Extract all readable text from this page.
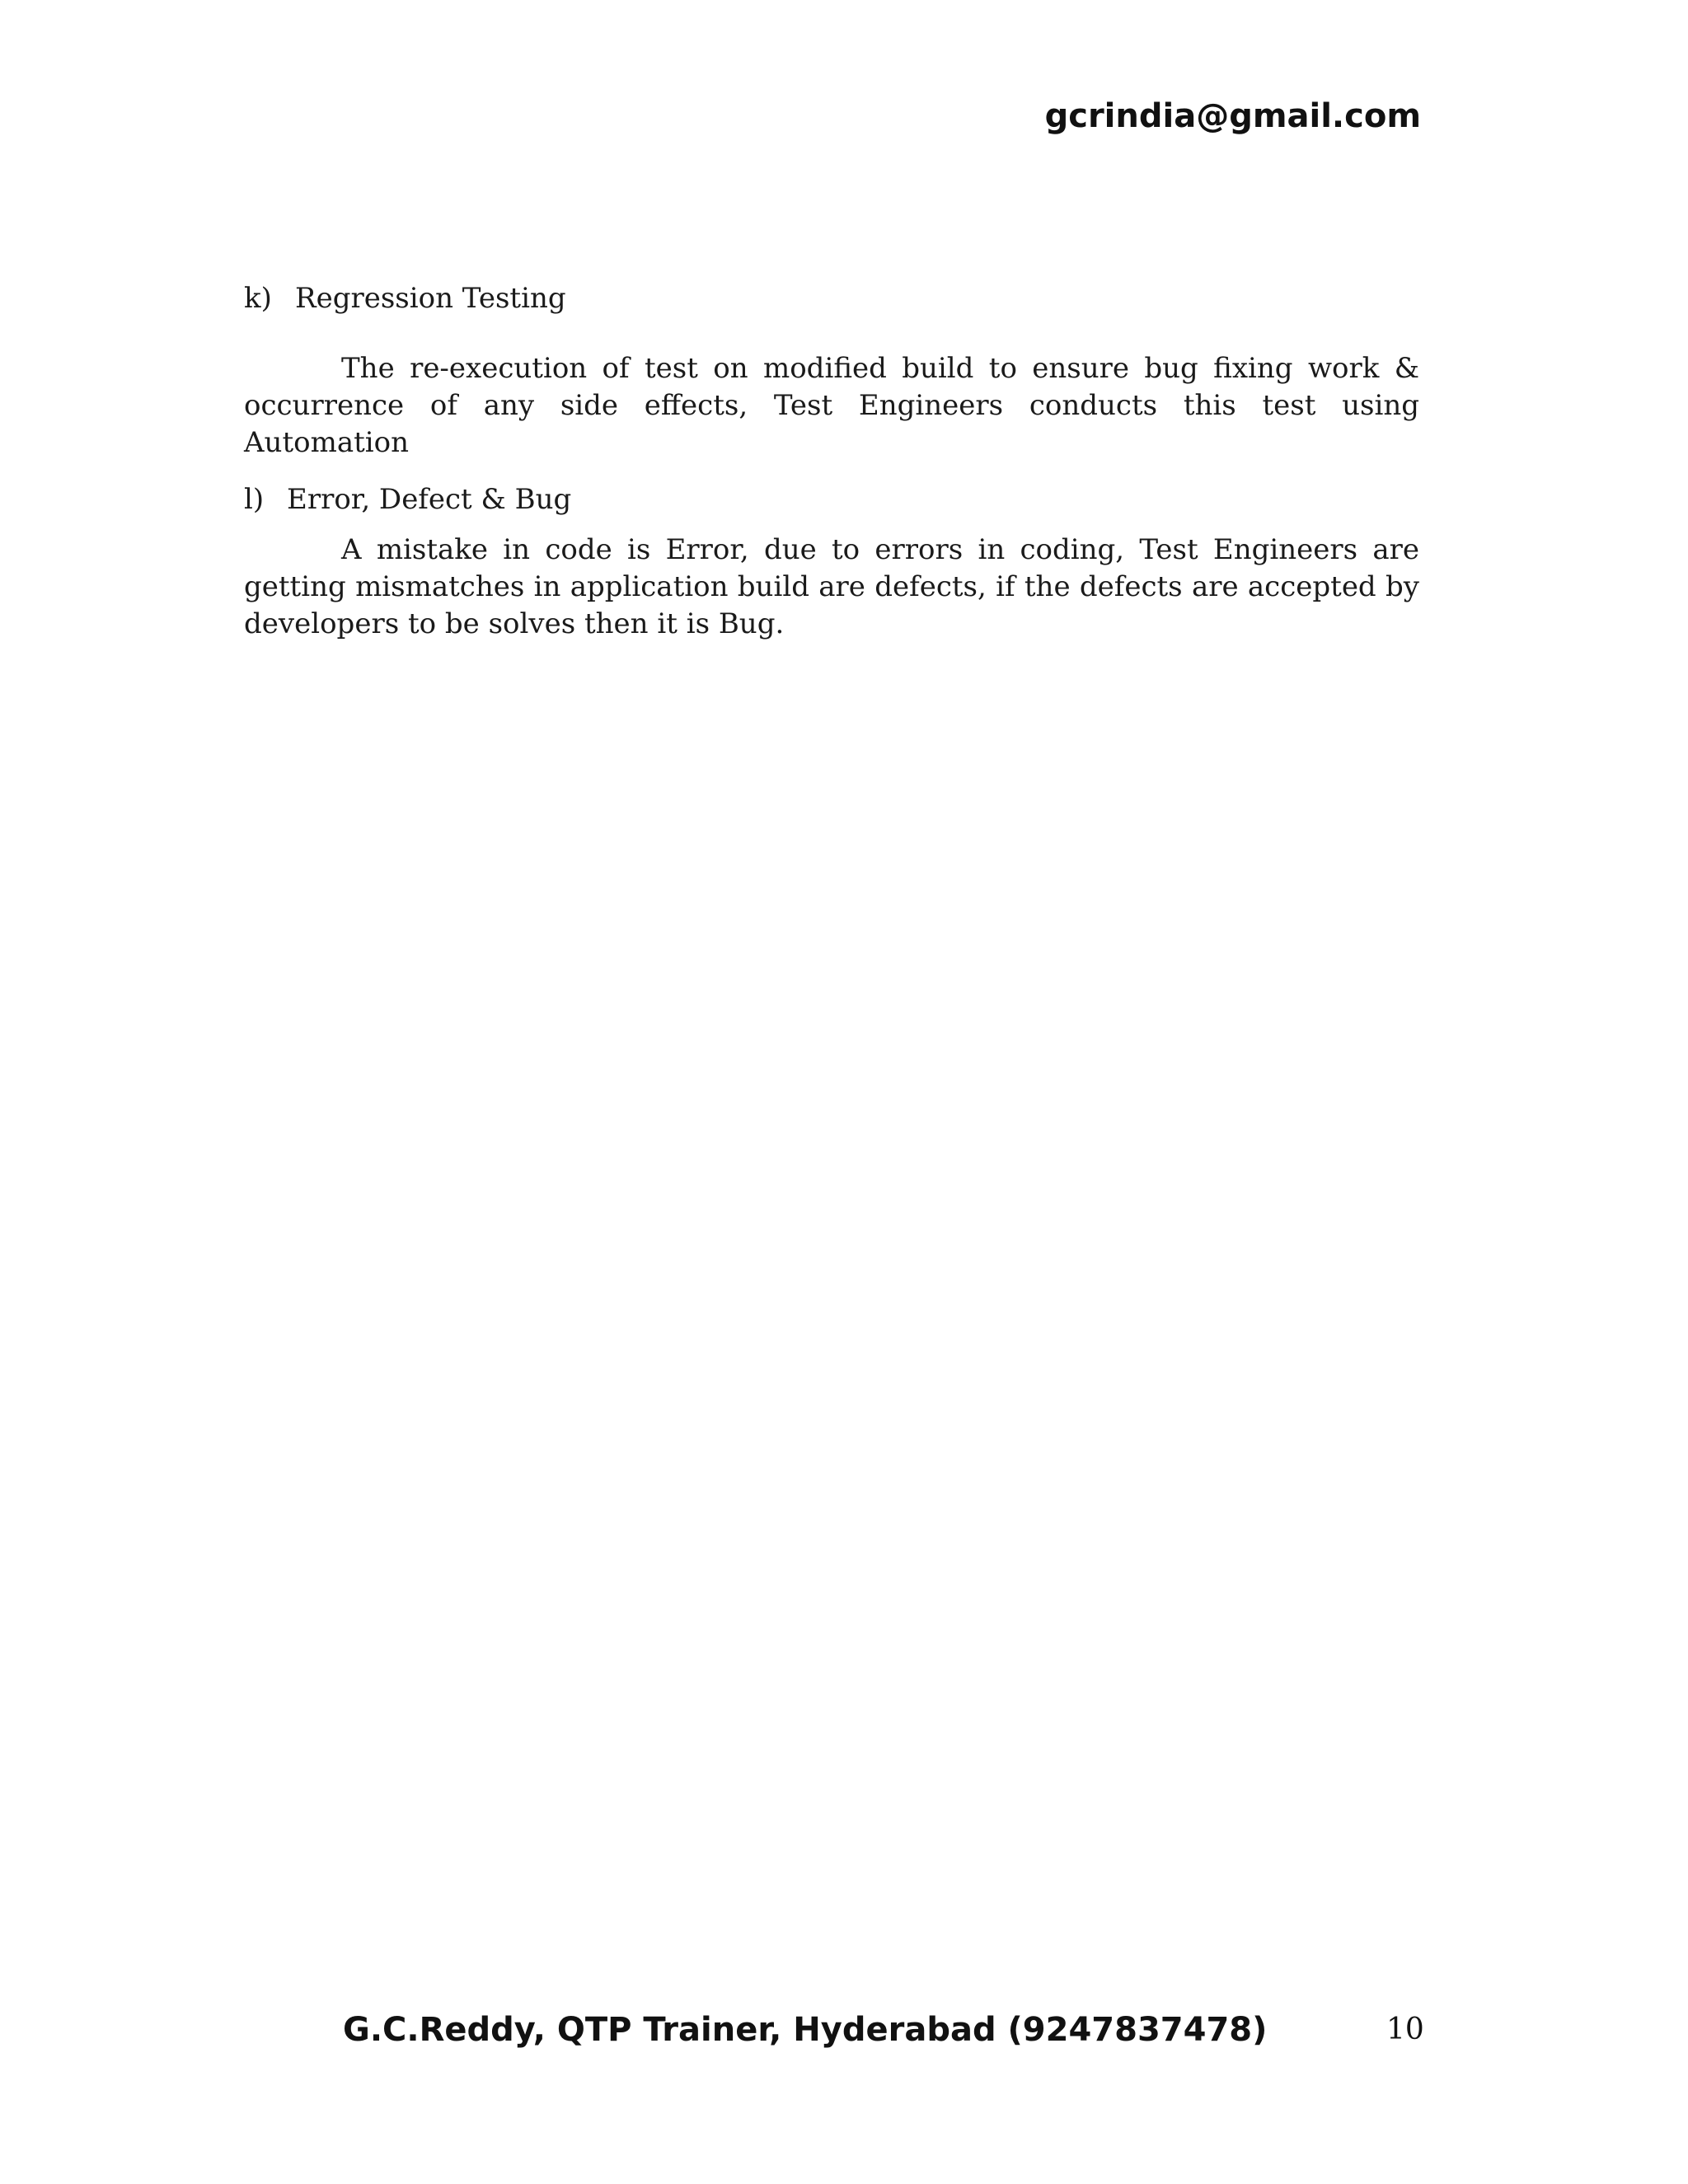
gcrindia@gmail.com
k) Regression Testing

The re-execution of test on modified build to ensure bug fixing work & occurrence of any side effects, Test Engineers conducts this test using Automation

l) Error, Defect & Bug

A mistake in code is Error, due to errors in coding, Test Engineers are getting mismatches in application build are defects, if the defects are accepted by developers to be solves then it is Bug.

G.C.Reddy, QTP Trainer, Hyderabad (9247837478)	10
